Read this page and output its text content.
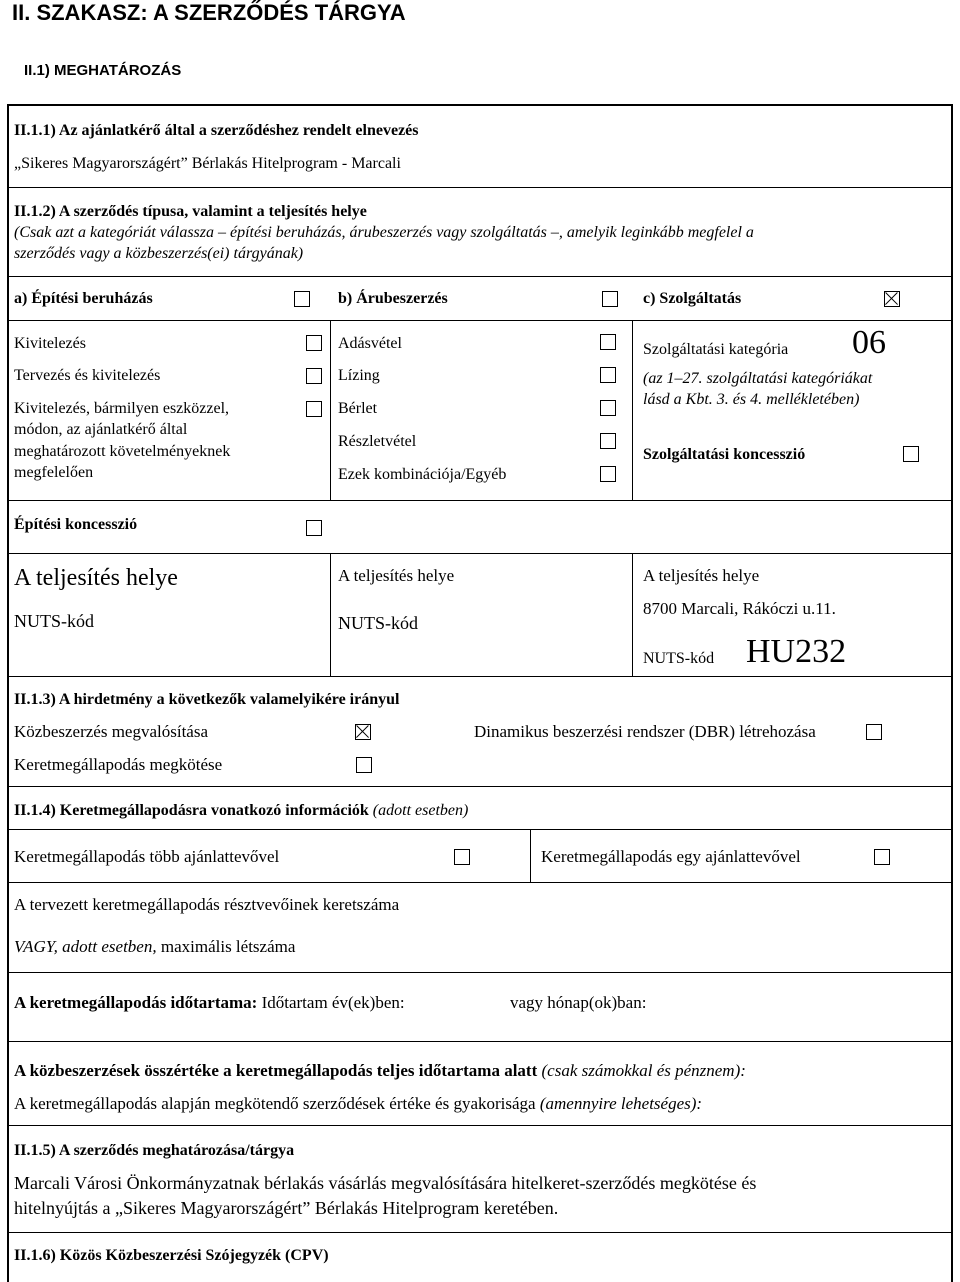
II. SZAKASZ: A SZERZŐDÉS TÁRGYA
II.1) MEGHATÁROZÁS
II.1.1) Az ajánlatkérő által a szerződéshez rendelt elnevezés
„Sikeres Magyarországért” Bérlakás Hitelprogram - Marcali
II.1.2) A szerződés típusa, valamint a teljesítés helye
(Csak azt a kategóriát válassza – építési beruházás, árubeszerzés vagy szolgáltatás –, amelyik leginkább megfelel a
szerződés vagy a közbeszerzés(ei) tárgyának)
a) Építési beruházás	b) Árubeszerzés	c) Szolgáltatás
Kivitelezés
Tervezés és kivitelezés
Kivitelezés, bármilyen eszközzel,
módon, az ajánlatkérő által
meghatározott követelményeknek
megfelelően
Adásvétel
Lízing
Bérlet
Részletvétel
Ezek kombinációja/Egyéb
Szolgáltatási kategória 06
(az 1–27. szolgáltatási kategóriákat
lásd a Kbt. 3. és 4. mellékletében)
Szolgáltatási koncesszió
Építési koncesszió
A teljesítés helye
NUTS-kód
A teljesítés helye
NUTS-kód
A teljesítés helye
8700 Marcali, Rákóczi u.11.
NUTS-kód HU232
II.1.3) A hirdetmény a következők valamelyikére irányul
Közbeszerzés megvalósítása	Dinamikus beszerzési rendszer (DBR) létrehozása
Keretmegállapodás megkötése
II.1.4) Keretmegállapodásra vonatkozó információk (adott esetben)
Keretmegállapodás több ajánlattevővel	Keretmegállapodás egy ajánlattevővel
A tervezett keretmegállapodás résztvevőinek keretszáma
VAGY, adott esetben, maximális létszáma
A keretmegállapodás időtartama: Időtartam év(ek)ben:	vagy hónap(ok)ban:
A közbeszerzések összértéke a keretmegállapodás teljes időtartama alatt (csak számokkal és pénznem):
A keretmegállapodás alapján megkötendő szerződések értéke és gyakorisága (amennyire lehetséges):
II.1.5) A szerződés meghatározása/tárgya
Marcali Városi Önkormányzatnak bérlakás vásárlás megvalósítására hitelkeret-szerződés megkötése és
hitelnyújtás a „Sikeres Magyarországért” Bérlakás Hitelprogram keretében.
II.1.6) Közös Közbeszerzési Szójegyzék (CPV)
